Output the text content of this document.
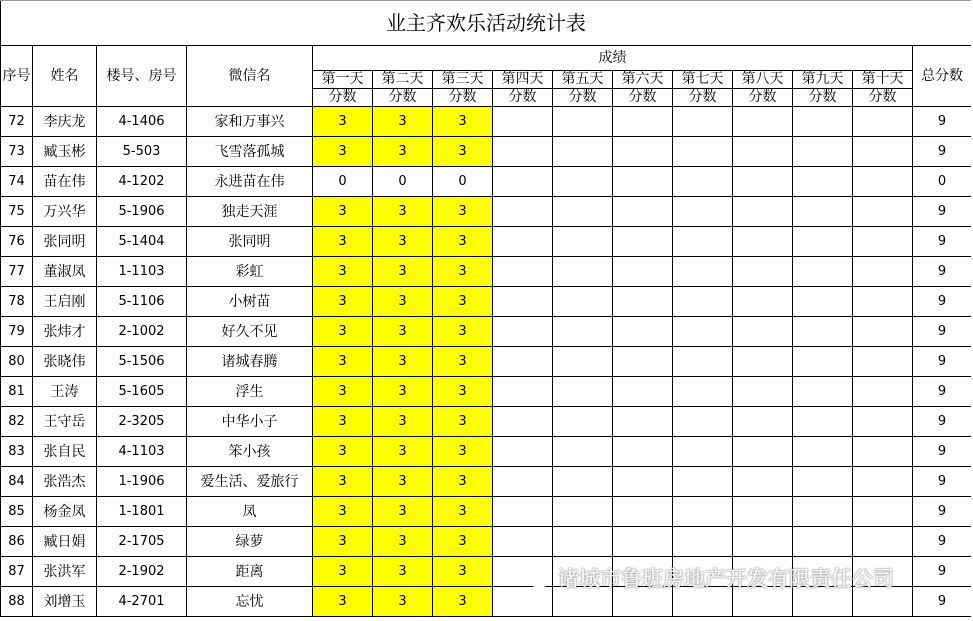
业主齐欢乐活动统计表														
序号	姓名	楼号、房号	微信名	成绩										总分数
				第一天	第二天	第三天	第四天	第五天	第六天	第七天	第八天	第九天	第十天	
				分数	分数	分数	分数	分数	分数	分数	分数	分数	分数	
72	李庆龙	4-1406	家和万事兴	3	3	3								9
73	臧玉彬	5-503	飞雪落孤城	3	3	3								9
74	苗在伟	4-1202	永进苗在伟	0	0	0								0
75	万兴华	5-1906	独走天涯	3	3	3								9
76	张同明	5-1404	张同明	3	3	3								9
77	董淑凤	1-1103	彩虹	3	3	3								9
78	王启刚	5-1106	小树苗	3	3	3								9
79	张炜才	2-1002	好久不见	3	3	3								9
80	张晓伟	5-1506	诸城春腾	3	3	3								9
81	王涛	5-1605	浮生	3	3	3								9
82	王守岳	2-3205	中华小子	3	3	3								9
83	张自民	4-1103	笨小孩	3	3	3								9
84	张浩杰	1-1906	爱生活、爱旅行	3	3	3								9
85	杨金凤	1-1801	凤	3	3	3								9
86	臧日娟	2-1705	绿萝	3	3	3								9
87	张洪军	2-1902	距离	3	3	3								9
88	刘增玉	4-2701	忘忧	3	3	3								9
诸城市鲁班房地产开发有限责任公司
